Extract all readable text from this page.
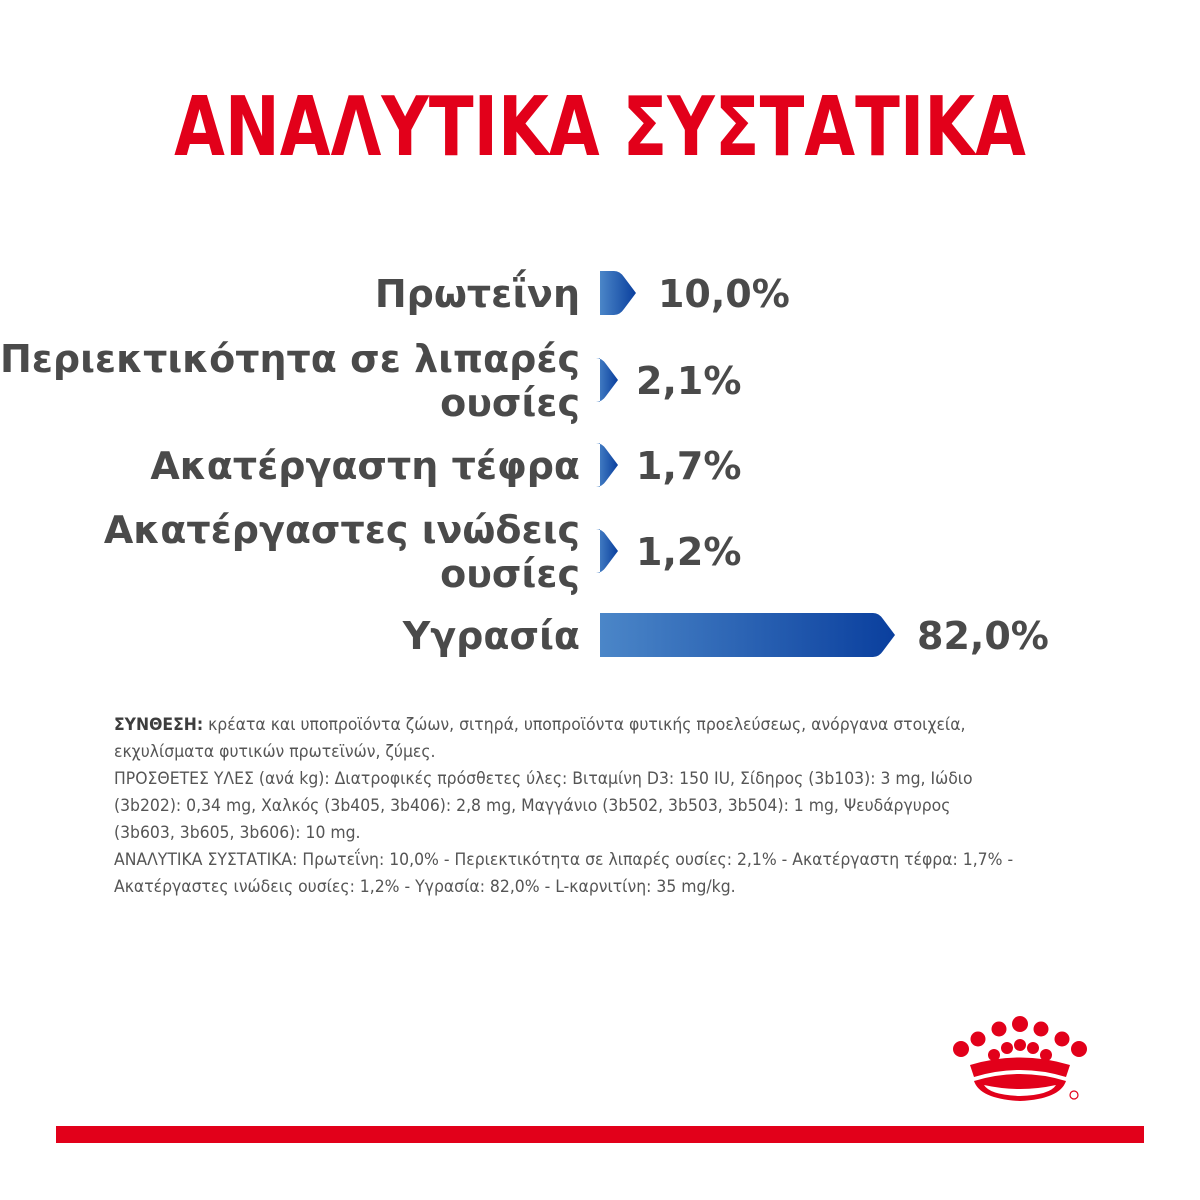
ΑΝΑΛΥΤΙΚΑ ΣΥΣΤΑΤΙΚΑ
10,0%
Πρωτεΐνη
2,1%
Περιεκτικότητα σε λιπαρές
ουσίες
1,7%
Ακατέργαστη τέφρα
1,2%
Ακατέργαστες ινώδεις
ουσίες
82,0%
Υγρασία

ΣΥΝΘΕΣΗ: κρέατα και υποπροϊόντα ζώων, σιτηρά, υποπροϊόντα φυτικής προελεύσεως, ανόργανα στοιχεία, εκχυλίσματα φυτικών πρωτεϊνών, ζύμες.

ΠΡΟΣΘΕΤΕΣ ΥΛΕΣ (ανά kg): Διατροφικές πρόσθετες ύλες: Βιταμίνη D3: 150 IU, Σίδηρος (3b103): 3 mg, Ιώδιο (3b202): 0,34 mg, Χαλκός (3b405, 3b406): 2,8 mg, Μαγγάνιο (3b502, 3b503, 3b504): 1 mg, Ψευδάργυρος (3b603, 3b605, 3b606): 10 mg.

ΑΝΑΛΥΤΙΚΑ ΣΥΣΤΑΤΙΚΑ: Πρωτεΐνη: 10,0% - Περιεκτικότητα σε λιπαρές ουσίες: 2,1% - Ακατέργαστη τέφρα: 1,7% - Ακατέργαστες ινώδεις ουσίες: 1,2% - Υγρασία: 82,0% - L-καρνιτίνη: 35 mg/kg.
